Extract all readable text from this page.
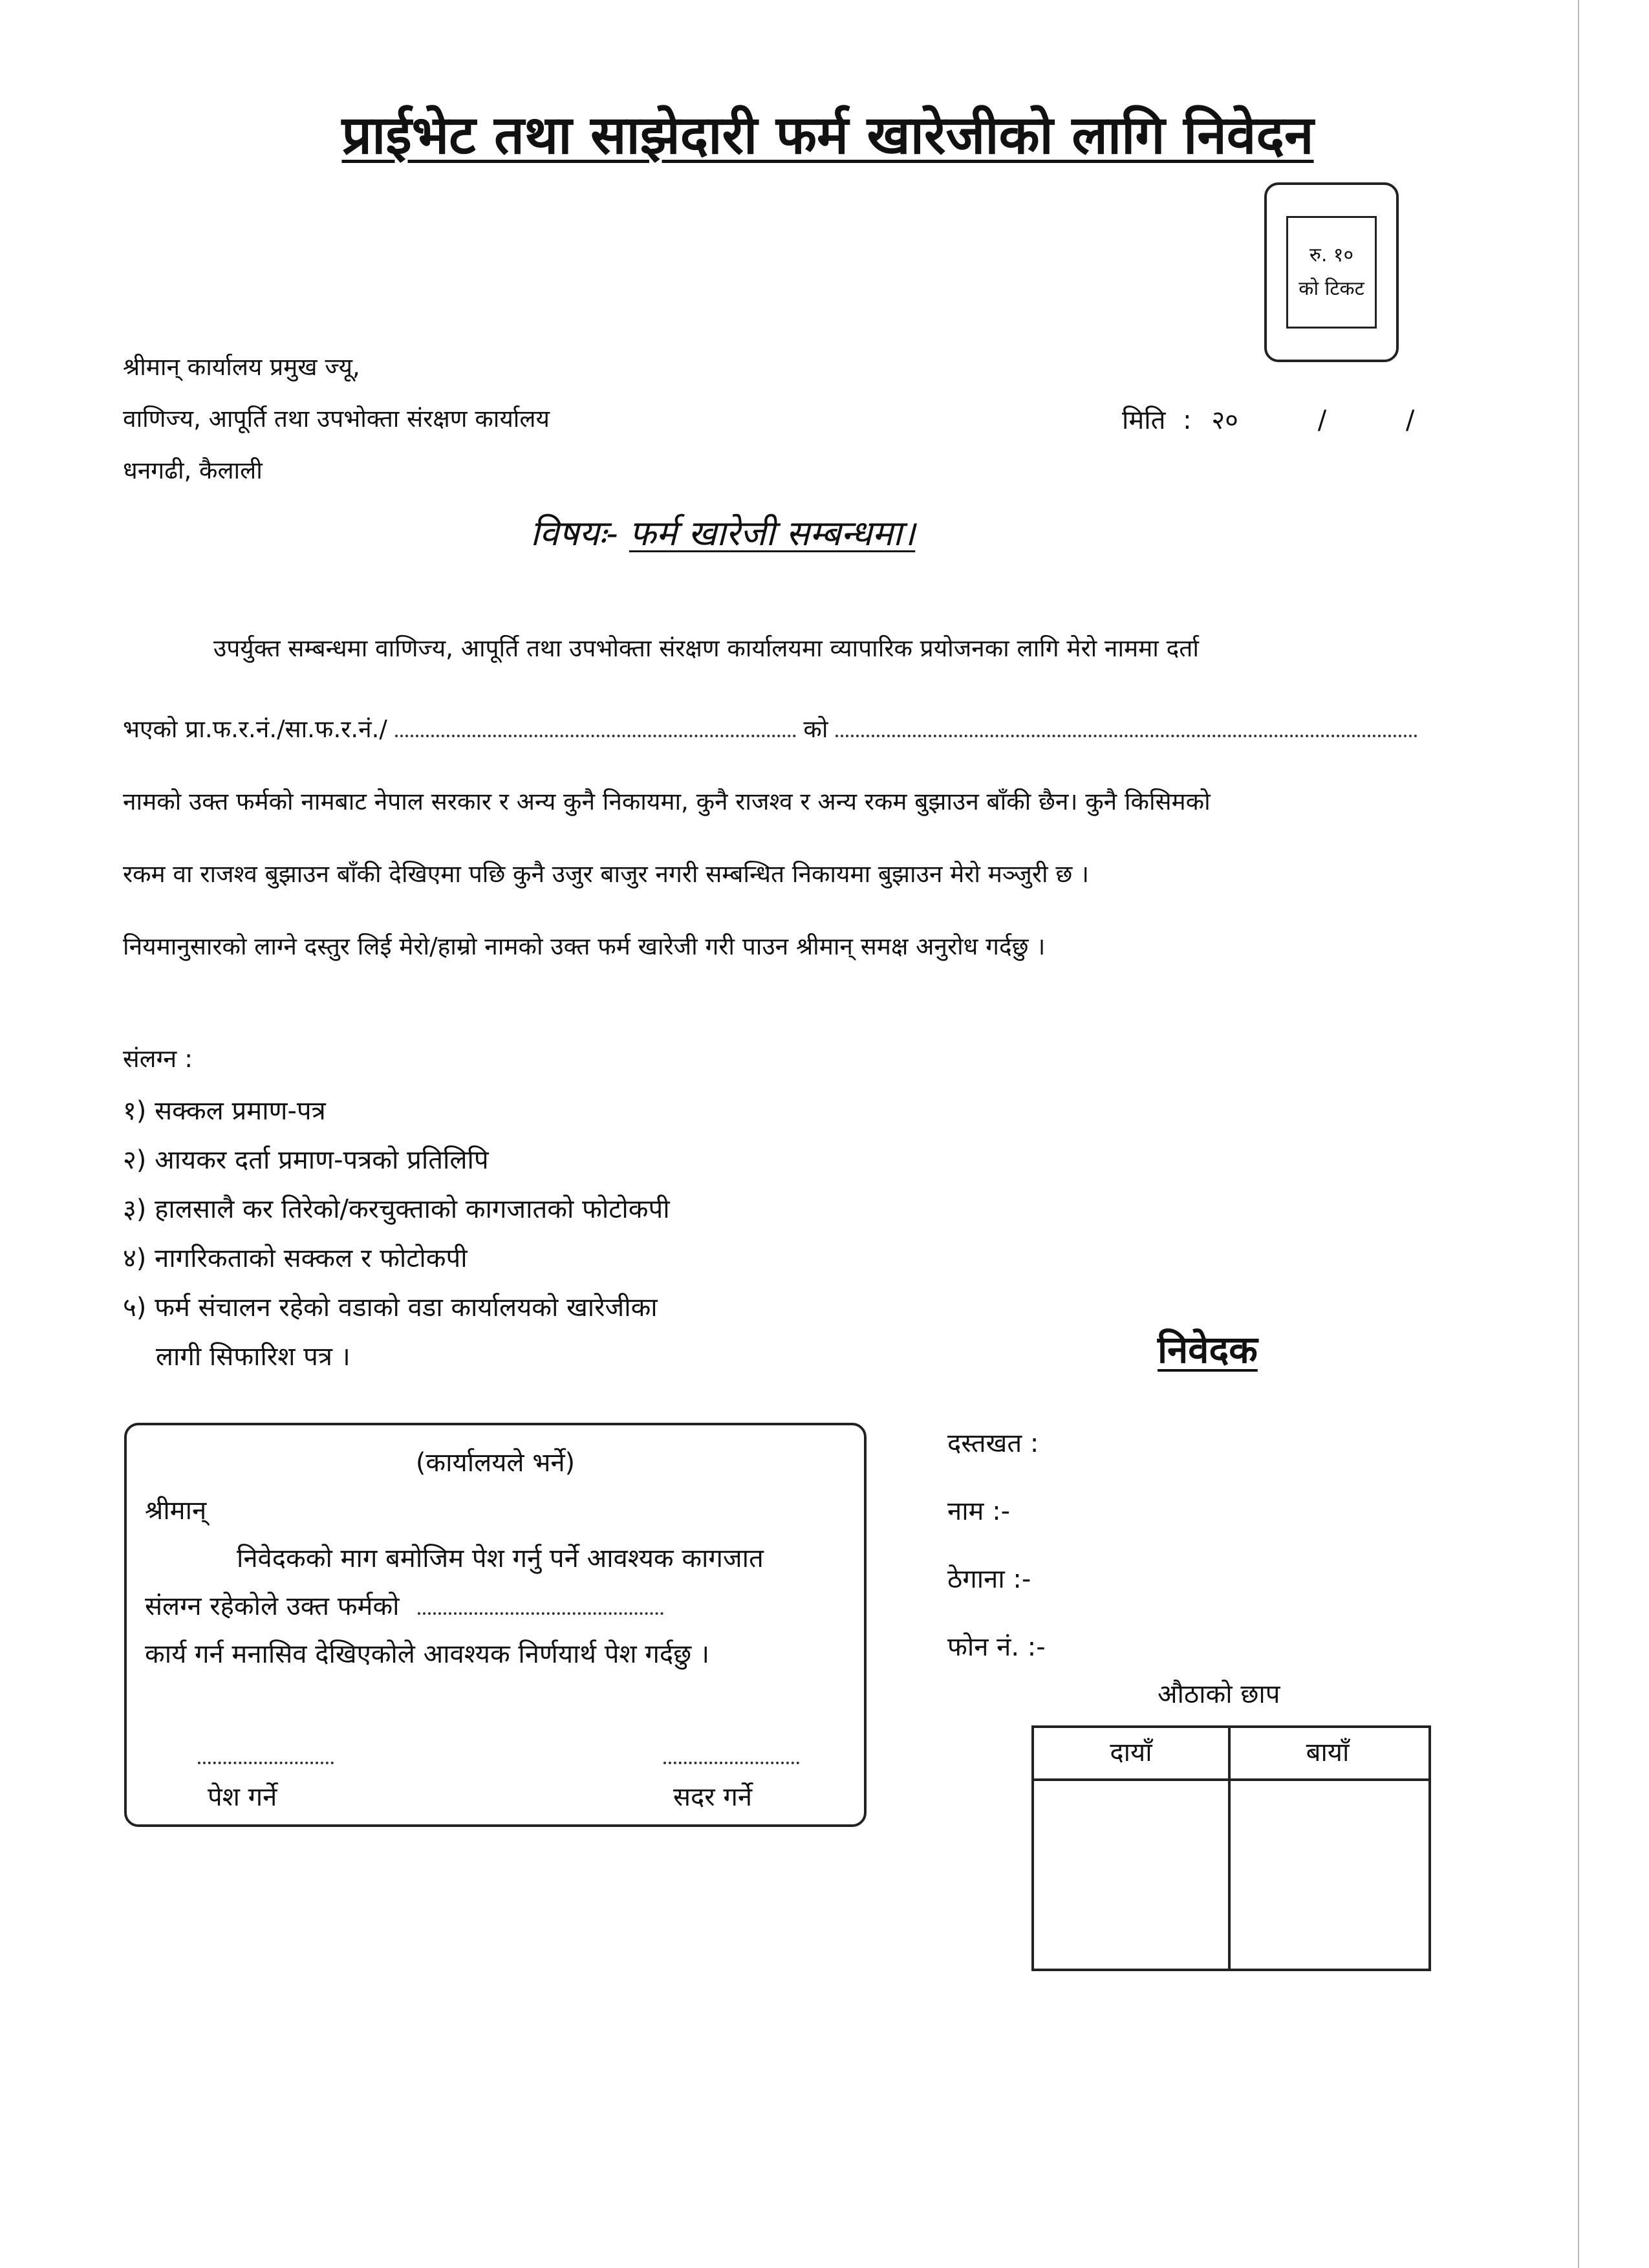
प्राईभेट तथा साझेदारी फर्म खारेजीको लागि निवेदन
रु. १०
को टिकट
श्रीमान् कार्यालय प्रमुख ज्यू,
वाणिज्य, आपूर्ति तथा उपभोक्ता संरक्षण कार्यालय
धनगढी, कैलाली
मिति : २०	/	/
विषयः- फर्म खारेजी सम्बन्धमा।
उपर्युक्त सम्बन्धमा वाणिज्य, आपूर्ति तथा उपभोक्ता संरक्षण कार्यालयमा व्यापारिक प्रयोजनका लागि मेरो नाममा दर्ता
भएको प्रा.फ.र.नं./सा.फ.र.नं./	को
नामको उक्त फर्मको नामबाट नेपाल सरकार र अन्य कुनै निकायमा, कुनै राजश्व र अन्य रकम बुझाउन बाँकी छैन। कुनै किसिमको
रकम वा राजश्व बुझाउन बाँकी देखिएमा पछि कुनै उजुर बाजुर नगरी सम्बन्धित निकायमा बुझाउन मेरो मञ्जुरी छ ।
नियमानुसारको लाग्ने दस्तुर लिई मेरो/हाम्रो नामको उक्त फर्म खारेजी गरी पाउन श्रीमान् समक्ष अनुरोध गर्दछु ।
संलग्न :
१) सक्कल प्रमाण-पत्र
२) आयकर दर्ता प्रमाण-पत्रको प्रतिलिपि
३) हालसालै कर तिरेको/करचुक्ताको कागजातको फोटोकपी
४) नागरिकताको सक्कल र फोटोकपी
५) फर्म संचालन रहेको वडाको वडा कार्यालयको खारेजीका
लागी सिफारिश पत्र ।	निवेदक
(कार्यालयले भर्ने)
श्रीमान्
निवेदकको माग बमोजिम पेश गर्नु पर्ने आवश्यक कागजात
संलग्न रहेकोले उक्त फर्मको
कार्य गर्न मनासिव देखिएकोले आवश्यक निर्णयार्थ पेश गर्दछु ।
पेश गर्ने	सदर गर्ने
दस्तखत :
नाम :-
ठेगाना :-
फोन नं. :-
औठाको छाप
दायाँ	बायाँ
